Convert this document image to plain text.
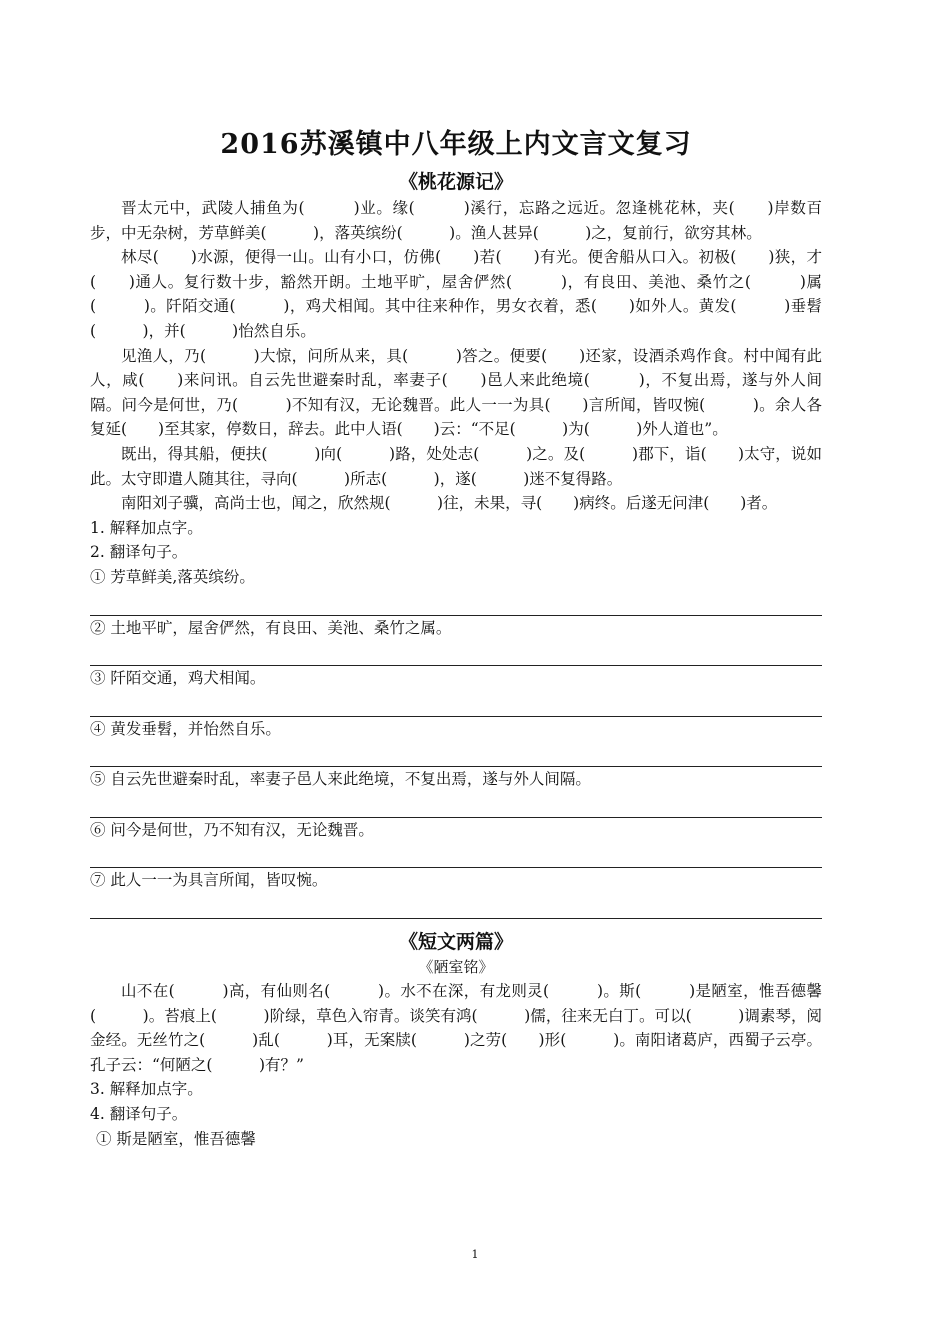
2016苏溪镇中八年级上内文言文复习
《桃花源记》

晋太元中，武陵人捕鱼为(　　　)业。缘(　　　)溪行，忘路之远近。忽逢桃花林，夹(　　)岸数百步，中无杂树，芳草鲜美(　　　)，落英缤纷(　　　)。渔人甚异(　　　)之，复前行，欲穷其林。

林尽(　　)水源，便得一山。山有小口，仿佛(　　)若(　　)有光。便舍船从口入。初极(　　)狭，才(　　)通人。复行数十步，豁然开朗。土地平旷，屋舍俨然(　　　)，有良田、美池、桑竹之(　　　)属(　　　)。阡陌交通(　　　)，鸡犬相闻。其中往来种作，男女衣着，悉(　　)如外人。黄发(　　　)垂髫(　　　)，并(　　　)怡然自乐。

见渔人，乃(　　　)大惊，问所从来，具(　　　)答之。便要(　　)还家，设酒杀鸡作食。村中闻有此人，咸(　　)来问讯。自云先世避秦时乱，率妻子(　　)邑人来此绝境(　　　)，不复出焉，遂与外人间隔。问今是何世，乃(　　　)不知有汉，无论魏晋。此人一一为具(　　)言所闻，皆叹惋(　　　)。余人各复延(　　)至其家，停数日，辞去。此中人语(　　)云：“不足(　　　)为(　　　)外人道也”。

既出，得其船，便扶(　　　)向(　　　)路，处处志(　　　)之。及(　　　)郡下，诣(　　)太守，说如此。太守即遣人随其往，寻向(　　　)所志(　　　)，遂(　　　)迷不复得路。

南阳刘子骥，高尚士也，闻之，欣然规(　　　)往，未果，寻(　　)病终。后遂无问津(　　)者。

1. 解释加点字。
2. 翻译句子。
① 芳草鲜美,落英缤纷。
② 土地平旷，屋舍俨然，有良田、美池、桑竹之属。
③ 阡陌交通，鸡犬相闻。
④ 黄发垂髫，并怡然自乐。
⑤ 自云先世避秦时乱，率妻子邑人来此绝境，不复出焉，遂与外人间隔。
⑥ 问今是何世，乃不知有汉，无论魏晋。
⑦ 此人一一为具言所闻，皆叹惋。
《短文两篇》
《陋室铭》

山不在(　　　)高，有仙则名(　　　)。水不在深，有龙则灵(　　　)。斯(　　　)是陋室，惟吾德馨(　　　)。苔痕上(　　　)阶绿，草色入帘青。谈笑有鸿(　　　)儒，往来无白丁。可以(　　　)调素琴，阅金经。无丝竹之(　　　)乱(　　　)耳，无案牍(　　　)之劳(　　)形(　　　)。南阳诸葛庐，西蜀子云亭。孔子云：“何陋之(　　　)有？”

3. 解释加点字。
4. 翻译句子。
① 斯是陋室，惟吾德馨
1
